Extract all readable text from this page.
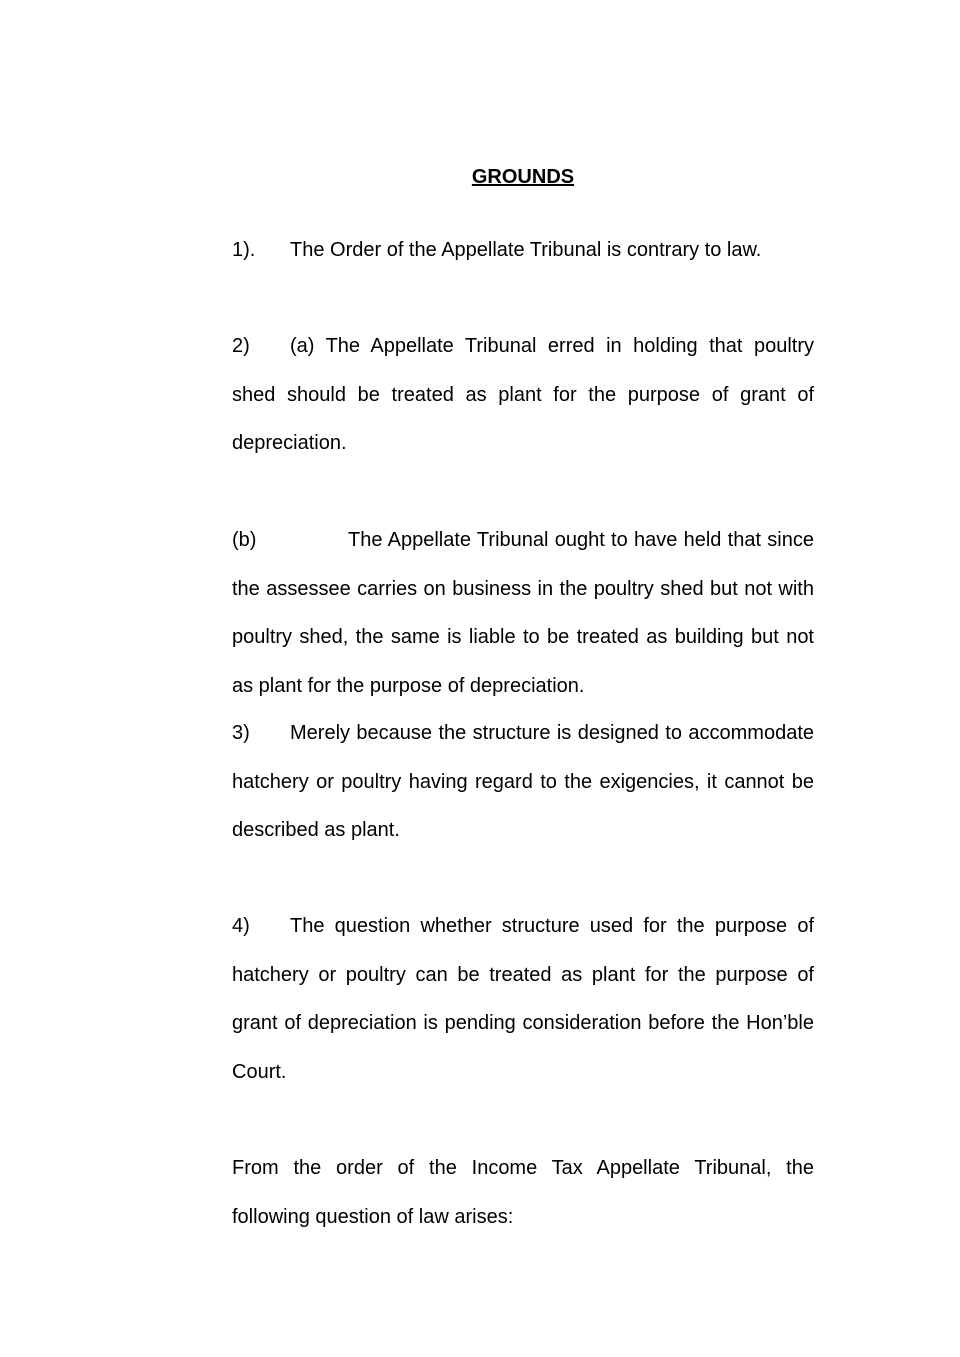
GROUNDS

1). The Order of the Appellate Tribunal is contrary to law.

2) (a) The Appellate Tribunal erred in holding that poultry shed should be treated as plant for the purpose of grant of depreciation.

(b)	The Appellate Tribunal ought to have held that since the assessee carries on business in the poultry shed but not with poultry shed, the same is liable to be treated as building but not as plant for the purpose of depreciation.

3) Merely because the structure is designed to accommodate hatchery or poultry having regard to the exigencies, it cannot be described as plant.

4) The question whether structure used for the purpose of hatchery or poultry can be treated as plant for the purpose of grant of depreciation is pending consideration before the Hon’ble Court.

From the order of the Income Tax Appellate Tribunal, the following question of law arises:
